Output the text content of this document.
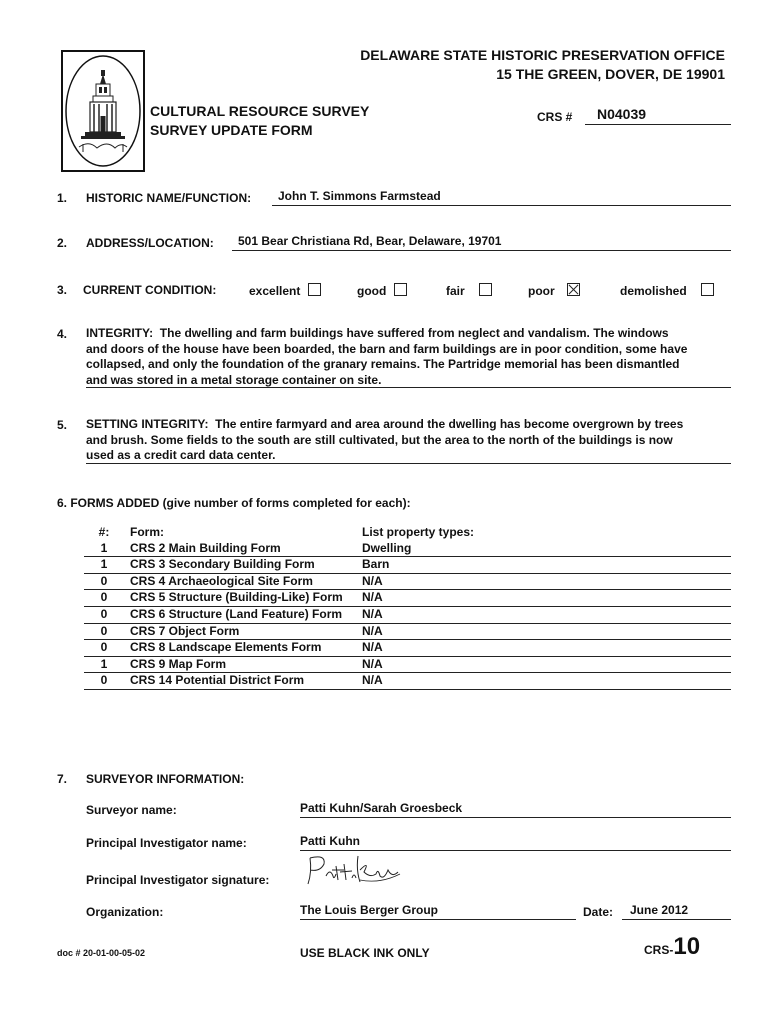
DELAWARE STATE HISTORIC PRESERVATION OFFICE
15 THE GREEN, DOVER, DE 19901
CULTURAL RESOURCE SURVEY
SURVEY UPDATE FORM
CRS #	N04039
1. HISTORIC NAME/FUNCTION:	John T. Simmons Farmstead
2. ADDRESS/LOCATION:	501 Bear Christiana Rd, Bear, Delaware, 19701
3. CURRENT CONDITION:	excellent	good	fair	poor	demolished
4. INTEGRITY: The dwelling and farm buildings have suffered from neglect and vandalism. The windows
and doors of the house have been boarded, the barn and farm buildings are in poor condition, some have
collapsed, and only the foundation of the granary remains. The Partridge memorial has been dismantled
and was stored in a metal storage container on site.
5. SETTING INTEGRITY: The entire farmyard and area around the dwelling has become overgrown by trees
and brush. Some fields to the south are still cultivated, but the area to the north of the buildings is now
used as a credit card data center.
6. FORMS ADDED (give number of forms completed for each):
#:	Form:	List property types:
1	CRS 2 Main Building Form	Dwelling
1	CRS 3 Secondary Building Form	Barn
0	CRS 4 Archaeological Site Form	N/A
0	CRS 5 Structure (Building-Like) Form	N/A
0	CRS 6 Structure (Land Feature) Form	N/A
0	CRS 7 Object Form	N/A
0	CRS 8 Landscape Elements Form	N/A
1	CRS 9 Map Form	N/A
0	CRS 14 Potential District Form	N/A
7. SURVEYOR INFORMATION:
Surveyor name:	Patti Kuhn/Sarah Groesbeck
Principal Investigator name:	Patti Kuhn
Principal Investigator signature:
Organization:	The Louis Berger Group	Date:	June 2012
doc # 20-01-00-05-02	USE BLACK INK ONLY	CRS-10
